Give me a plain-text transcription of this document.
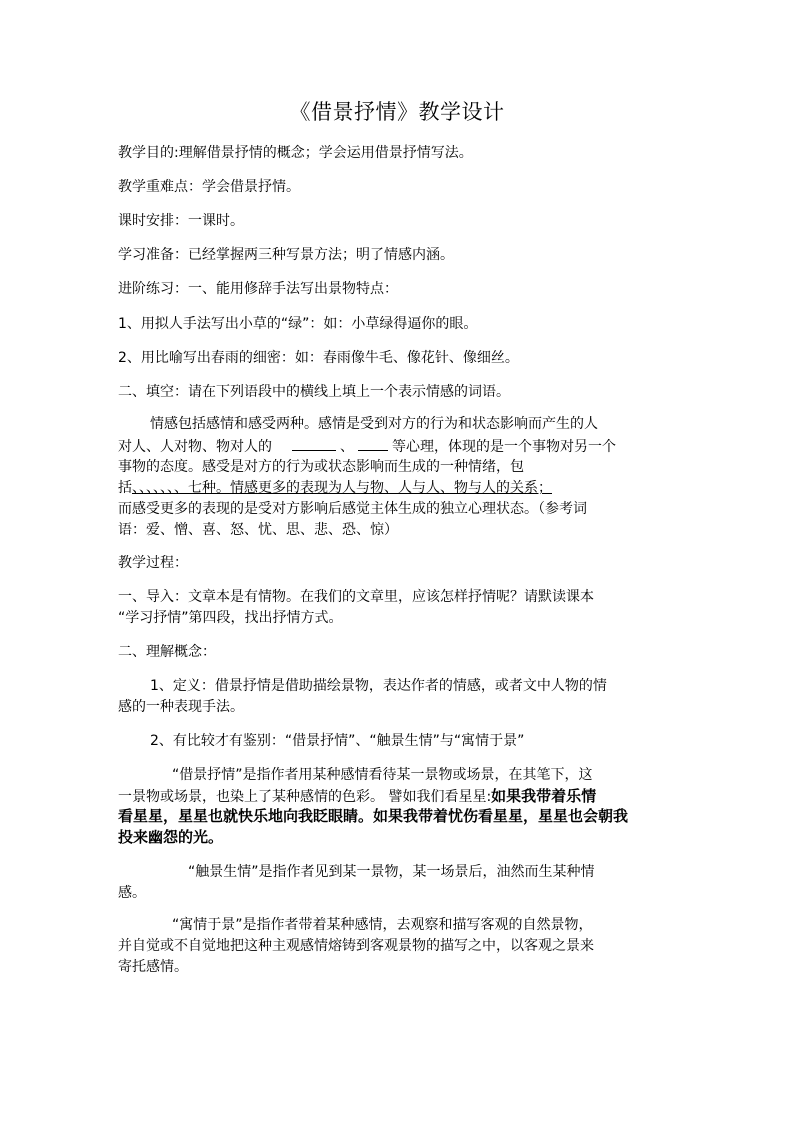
《借景抒情》教学设计
教学目的:理解借景抒情的概念；学会运用借景抒情写法。
教学重难点：学会借景抒情。
课时安排：一课时。
学习准备：已经掌握两三种写景方法；明了情感内涵。
进阶练习：一、能用修辞手法写出景物特点：
1、用拟人手法写出小草的“绿”：如：小草绿得逼你的眼。
2、用比喻写出春雨的细密：如：春雨像牛毛、像花针、像细丝。
二、填空：请在下列语段中的横线上填上一个表示情感的词语。
情感包括感情和感受两种。感情是受到对方的行为和状态影响而产生的人
对人、人对物、物对人的	、	等心理，体现的是一个事物对另一个
事物的态度。感受是对方的行为或状态影响而生成的一种情绪，包
括、、、、、、、七种。情感更多的表现为人与物、人与人、物与人的关系；
而感受更多的表现的是受对方影响后感觉主体生成的独立心理状态。（参考词
语：爱、憎、喜、怒、忧、思、悲、恐、惊）
教学过程：
一、导入：文章本是有情物。在我们的文章里，应该怎样抒情呢？请默读课本
“学习抒情”第四段，找出抒情方式。
二、理解概念：
1、定义：借景抒情是借助描绘景物，表达作者的情感，或者文中人物的情
感的一种表现手法。
2、有比较才有鉴别：“借景抒情”、“触景生情”与“寓情于景”
“借景抒情”是指作者用某种感情看待某一景物或场景，在其笔下，这
一景物或场景，也染上了某种感情的色彩。 譬如我们看星星:如果我带着乐情
看星星，星星也就快乐地向我眨眼睛。如果我带着忧伤看星星，星星也会朝我
投来幽怨的光。
“触景生情”是指作者见到某一景物，某一场景后，油然而生某种情
感。
“寓情于景”是指作者带着某种感情，去观察和描写客观的自然景物，
并自觉或不自觉地把这种主观感情熔铸到客观景物的描写之中，以客观之景来
寄托感情。
